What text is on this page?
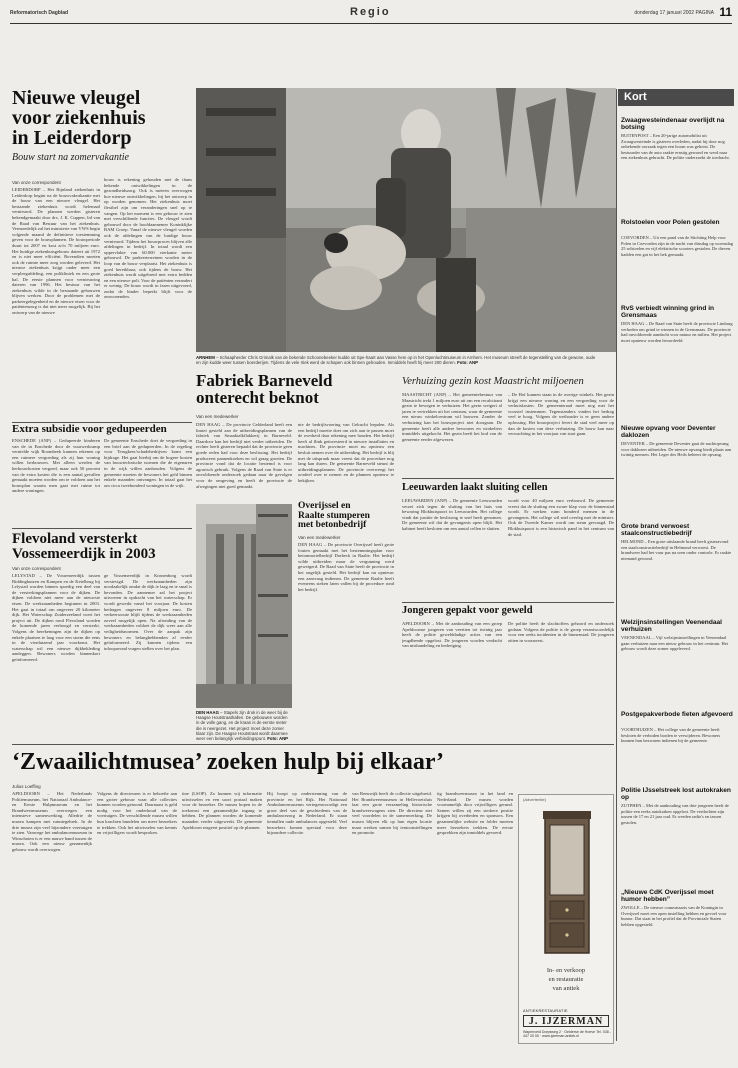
Reformatorisch Dagblad	Regio	donderdag 17 januari 2002 PAGINA 11
Nieuwe vleugel
voor ziekenhuis
in Leiderdorp
Bouw start na zomervakantie
Van onze correspondent
LEIDERDORP – Het Rijnland ziekenhuis in Leiderdorp begint na de bouwvakvakantie met de bouw van een nieuwe vleugel. Het bestaande ziekenhuis wordt helemaal vernieuwd. De plannen werden gisteren bekendgemaakt door drs. J. K. Cuppen, lid van de Raad van Bestuur van het ziekenhuis. Vermoedelijk zal het ministerie van VWS begin volgende maand de definitieve toestemming geven voor de bouwplannen. De bouwperiode duurt tot 2007 en kost zo'n 70 miljoen euro. Het huidige ziekenhuisgebouw dateert uit 1972 en is niet meer efficiënt. Bovendien moeten ook de ruimte meer zorg worden geleverd. Het nieuwe ziekenhuis krijgt onder meer een verpleegafdeling, een polikliniek en een grote hal. De eerste plannen voor vernieuwing dateren van 1996. Het bestuur van het ziekenhuis wilde in de bestaande gebouwen blijven werken. Door de problemen met de parkeergelegenheid en de nieuwe eisen voor de patiëntenzorg is dat niet meer mogelijk. Bij het ontwerp van de nieuwe
bouw is rekening gehouden met de thans bekende ontwikkelingen in de gezondheidszorg. Ook is meteen overwogen hoe nieuwe ontwikkelingen, bij het ontwerp in op worden genomen. Het ziekenhuis moet flexibel zijn om veranderingen snel op te vangen. Op het moment is een gebouw te zien met verschillende functies. De vleugel wordt gebouwd door de hoofdaannemer Koninklijke BAM Groep. Vanaf de nieuwe vleugel worden ook de afdelingen van de huidige bouw vernieuwd. Tijdens het bouwproces blijven alle afdelingen in bedrijf. In totaal wordt een oppervlakte van 60.000 vierkante meter gebouwd. De parkeerterreinen worden in de loop van de bouw verplaatst. Het ziekenhuis is goed bereikbaar, ook tijdens de bouw. Het ziekenhuis wordt uitgebreid met extra bedden en een nieuwe poli. Voor de patiënten verandert er weinig. De bouw wordt in fasen uitgevoerd, zodat de hinder beperkt blijft voor de omwonenden.
ARNHEM – Schaapherder Chris Grimalk van de bekende Schoonebeeker kudde uit Spe-haart aan Vasse hem op in het Openluchtmuseum in Arnhem. Het museum streeft de tegenstelling van de gewone, oude en zijn kudde weer tussen boerderijen. Tijdens de vele rtiek werd de schapen ook binnen gehouden. Inmiddels heeft hij meer 200 dieren. Foto: ANP
Extra subsidie voor gedupeerden
ENSCHEDE (ANP) – Gedupeerde kinderen van de in Enschede door de vuurwerkramp vernielde wijk Roombeek kunnen rekenen op een ruimere vergoeding als zij hun woning willen herbouwen. Met alleen werden de herbouwkosten vergoed, maar ook 50 procent van de extra kosten die is een aantal gevallen gemaakt moeten worden om te voldoen aan het bouwplan waarin men gaat met ruime tot andere woningen.
De gemeente Enschede doet de vergoeding in een brief aan de gedupeerden. In de regeling voor Terugkeer/schadebedrijven komt een bijdrage. Het gaat hierbij om de hogere kosten van bouwtechnische normen die de eigenaren in de wijk willen aanhouden. Volgens de gemeente moeten de bewoners het geld binnen enkele maanden ontvangen. In totaal gaat het om circa tweehonderd woningen in de wijk.
Flevoland versterkt
Vossemeerdijk in 2003
Van onze correspondent
LELYSTAD – De Vossemeerdijk tussen Biddinghuizen en Kampen en de Ketelbrug bij Lelystad worden binnen spoedig een deel van de versterkingsplannen voor de dijken. De dijken voldoen niet meer aan de nieuwste eisen. De werkzaamheden beginnen in 2003. Het gaat in totaal om ongeveer 20 kilometer dijk. Het Waterschap Zuiderzeeland voert het project uit. De dijken rond Flevoland worden de komende jaren verhoogd en versterkt. Volgens de berekeningen zijn de dijken op enkele plaatsen te laag voor een storm die eens in de vierduizend jaar voorkomt. Het waterschap wil een nieuwe dijkbekleding aanleggen. Bewoners worden binnenkort geïnformeerd.
ge Vossemeerdijk in Kronenborg wordt verstevigd. De werkzaamheden zijn noodzakelijk omdat de dijk te laag en te smal is bevonden. De aannemer zal het project uitvoeren in opdracht van het waterschap. Er wordt gewerkt vanaf het voorjaar. De kosten bedragen ongeveer 8 miljoen euro. De verkeersroute blijft tijdens de werkzaamheden zoveel mogelijk open. Na afronding van de werkzaamheden voldoet de dijk weer aan alle veiligheidsnormen. Over de aanpak zijn bewoners en belanghebbenden al eerder geïnformeerd. Zij kunnen tijdens een inloopavond vragen stellen over het plan.
Fabriek Barneveld
onterecht beknot
Van een medewerker
DEN HAAG – De provincie Gelderland heeft een limiet gesteld aan de uitbreidingsplannen van de fabriek van Smaaktalkflakkerij in Barneveld. Daardoor kan het bedrijf niet verder uitbreiden. De rechter heeft gisteren bepaald dat de provincie geen goede reden had voor deze beslissing. Het bedrijf produceert pannenkoeken en wil graag groeien. De provincie vond dat de locatie bestemd is voor agrarisch gebruik. Volgens de Raad van State is er onvoldoende onderzoek gedaan naar de gevolgen voor de omgeving en heeft de provincie de afwegingen niet goed gemaakt.
nie de bedrijfsvoering van Gelrucht bepalen. Als een bedrijf moeite doet om zich aan te passen moet de overheid daar rekening mee houden. Het bedrijf heeft al flink geïnvesteerd in nieuwe installaties en machines. De provincie moet nu opnieuw een besluit nemen over de uitbreiding. Het bedrijf is blij met de uitspraak maar vreest dat de procedure nog lang kan duren. De gemeente Barneveld steunt de uitbreidingsplannen. De provincie overweegt het oordeel over te nemen en de plannen opnieuw te bekijken.
Verhuizing gezin kost Maastricht miljoenen
MAASTRICHT (ANP) – Het gemeentebestuur van Maastricht trekt 1 miljoen euro uit om een recalcitrant gezin te bewegen te verhuizen. Het gezin weigert al jaren te vertrekken uit het centrum, waar de gemeente een nieuw winkelcentrum wil bouwen. Zonder de verhuizing kan het bouwproject niet doorgaan. De gemeente heeft alle andere bewoners en winkeliers inmiddels uitgekocht. Het gezin heeft het bod van de gemeente eerder afgewezen.
– De Hof kunnen staan in de overige winkels. Het gezin krijgt een nieuwe woning en een vergoeding voor de verhuiskosten. De gemeenteraad moet nog met het voorstel instemmen. Tegenstanders vinden het bedrag veel te hoog. Volgens de wethouder is er geen andere oplossing. Het bouwproject levert de stad veel meer op dan de kosten van deze verhuizing. De bouw kan naar verwachting in het voorjaar van start gaan.
Overijssel en
Raalte stumperen
met betonbedrijf
Van een medewerker
DEN HAAG – De provincie Overijssel heeft grote fouten gemaakt met het bestemmingsplan voor betonmortelbedrijf Dorbeck in Raalte. Het bedrijf wilde uitbreiden maar de vergunning werd geweigerd. De Raad van State heeft de provincie in het ongelijk gesteld. Het bedrijf kan nu opnieuw een aanvraag indienen. De gemeente Raalte heeft eveneens steken laten vallen bij de procedure rond het bedrijf.
DEN HAAG – Stapels zijn druk in de weer bij de Haagse Houtstraathallen. De gebouwen worden in de volle gang, en de kraan is de eerste meter die is neergezet. Het project moet deze zomer klaar zijn. De Haagse Houtstraat wordt daarmee weer een belangrijk verbindingspunt. Foto: ANP
Leeuwarden laakt sluiting cellen
LEEUWARDEN (ANP) – De gemeente Leeuwarden verzet zich tegen de sluiting van het huis van bewaring Blokhuispoort in Leeuwarden. Het college vindt dat justitie de beslissing te snel heeft genomen. De gemeente wil dat de gevangenis open blijft. Het kabinet heeft besloten om een aantal cellen te sluiten.
wordt voor 40 miljoen euro verbouwd. De gemeente vreest dat de sluiting een zware klap voor de binnenstad wordt. Er werken ruim honderd mensen in de gevangenis. Het college wil snel overleg met de minister. Ook de Tweede Kamer wordt om steun gevraagd. De Blokhuispoort is een historisch pand in het centrum van de stad.
Jongeren gepakt voor geweld
APELDOORN – Met de aanhouding van een groep Apeldoornse jongeren van veertien tot twintig jaar heeft de politie gewelddadige acties van een jeugdbende opgelost. De jongeren worden verdacht van mishandeling en bedreiging.
De politie heeft de slachtoffers gehoord en onderzoek gedaan. Volgens de politie is de groep verantwoordelijk voor een reeks incidenten in de binnenstad. De jongeren zitten in voorarrest.
‘Zwaailichtmusea’ zoeken hulp bij elkaar’
Julius Loeffing
APELDOORN – Het Nederlands Politiemuseum, het Nationaal Ambulance- en Eerste Hulpmuseum en het Brandweermuseum overwegen een intensieve samenwerking. Alledrie de musea kampen met ruimtegebrek. In de drie musea zijn veel bijzondere voertuigen te zien. Vanwege het ambulancemuseum in Winschoten is er een nauwe band tussen de musea. Ook een nieuw gezamenlijk gebouw wordt overwogen.
Volgens de directeuren is er behoefte aan een groter gebouw waar alle collecties kunnen worden getoond. Daarnaast is geld nodig voor het onderhoud van de voertuigen. De verschillende musea willen hun krachten bundelen om meer bezoekers te trekken. Ook het uitwisselen van kennis en vrijwilligers wordt besproken.
tine (LSOP). Zo kunnen wij informatie uitwisselen en een soort portaal maken voor de bezoeker. De musea hopen in de toekomst een gezamenlijke ingang te hebben. De plannen worden de komende maanden verder uitgewerkt. De gemeente Apeldoorn reageert positief op de plannen.
Hij hoopt op ondersteuning van de provincie en het Rijk. Het Nationaal Ambulancemuseum vertegenwoordigt een groot deel van de geschiedenis van de ambulancezorg in Nederland. Er staan tientallen oude ambulances opgesteld. Veel bezoekers komen speciaal voor deze bijzondere collectie.
van Reeuwijk heeft de collectie uitgebreid. Het Brandweermuseum in Hellevoetsluis laat een grote verzameling historische brandweerwagens zien. De directeur ziet veel voordelen in de samenwerking. De musea blijven elk op hun eigen locatie maar werken samen bij tentoonstellingen en promotie.
tig brandweermusea in het land en Nederland. De musea worden voornamelijk door vrijwilligers gerund. Samen willen zij een sterkere positie krijgen bij overheden en sponsors. Een gezamenlijke website en folder moeten meer bezoekers trekken. De eerste gesprekken zijn inmiddels gevoerd.
(Advertentie)
In- en verkoop
en restauratie
van antiek
ANTIEKRESTAURATIE
J. IJZERMAN
Wapenveld Dorpsweg 2 · Gelderse de Hoeve Tel. 038 - 447 20 00 · www.ijzerman-antiek.nl
Kort
Zwaagwesteindenaar overlijdt na botsing
BUITENPOST – Een 20-jarige automobilist uit Zwaagwesteinde is gisteren overleden, nadat hij door nog onbekende oorzaak tegen een boom was gebotst. De bestuurder van de auto raakte ernstig gewond en werd naar een ziekenhuis gebracht. De politie onderzoekt de toedracht.
Rolstoelen voor Polen gestolen
COEVORDEN – Uit een pand van de Stichting Help voor Polen in Coevorden zijn in de nacht van dinsdag op woensdag 25 rolstoelen en vijf elektrische scooters gestolen. De dieven hadden een gat in het hek gemaakt.
RvS verbiedt winning grind in Grensmaas
DEN HAAG – De Raad van State heeft de provincie Limburg verboden om grind te winnen in de Grensmaas. De provincie had onvoldoende aandacht voor natuur en milieu. Het project moet opnieuw worden beoordeeld.
Nieuwe opvang voor Deventer daklozen
DEVENTER – De gemeente Deventer gaat de nachtopvang voor daklozen uitbreiden. De nieuwe opvang biedt plaats aan twintig mensen. Het Leger des Heils beheert de opvang.
Grote brand verwoest staalconstructiebedrijf
HELMOND – Een grote uitslaande brand heeft gisteravond een staalconstructiebedrijf in Helmond verwoest. De brandweer had het vuur pas na uren onder controle. Er raakte niemand gewond.
Welzijnsinstellingen Veenendaal verhuizen
VEENENDAAL – Vijf welzijnsinstellingen in Veenendaal gaan verhuizen naar een nieuw gebouw in het centrum. Het gebouw wordt deze zomer opgeleverd.
Postgepakverbode fieten afgevoerd
VOORTHUIZEN – Het college van de gemeente heeft besloten de verboden borden te verwijderen. Bewoners kunnen hun bezwaren indienen bij de gemeente.
Politie IJsselstreek lost autokraken op
ZUTPHEN – Met de aanhouding van drie jongeren heeft de politie een reeks autokraken opgelost. De verdachten zijn tussen de 17 en 21 jaar oud. Er werden radio's en tassen gestolen.
„Nieuwe CdK Overijssel moet humor hebben”
ZWOLLE – De nieuwe commissaris van de Koningin in Overijssel moet een open instelling hebben en gevoel voor humor. Dat staat in het profiel dat de Provinciale Staten hebben opgesteld.
